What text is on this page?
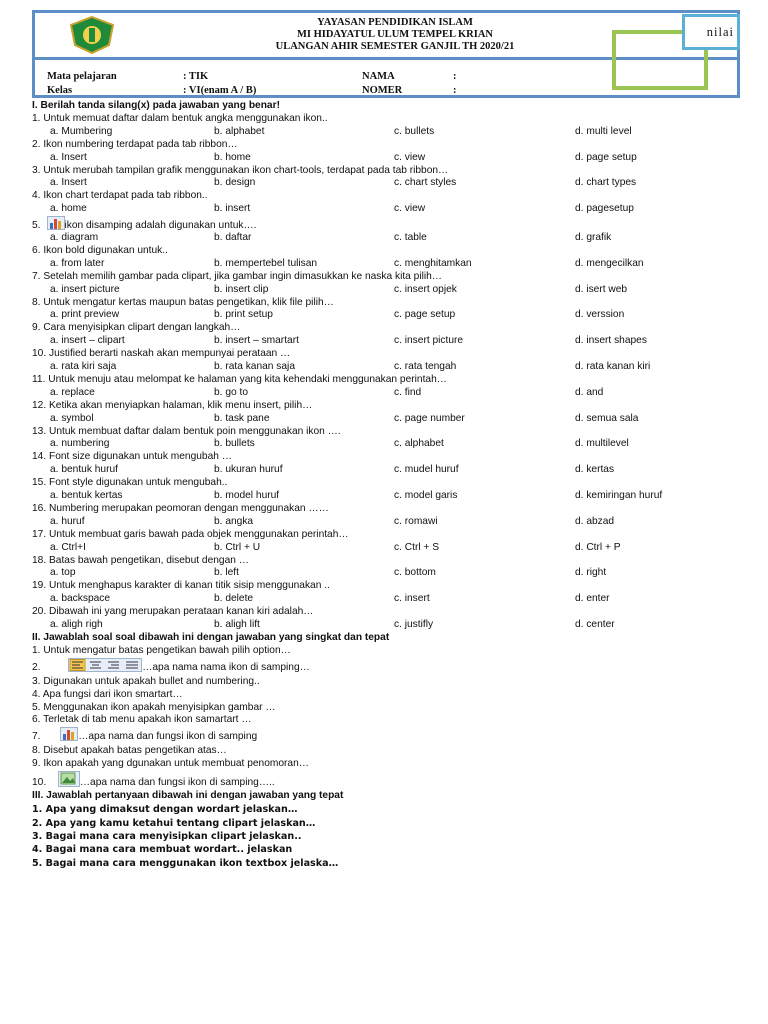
YAYASAN PENDIDIKAN ISLAM
MI HIDAYATUL ULUM TEMPEL KRIAN
ULANGAN AHIR SEMESTER GANJIL TH 2020/21
Mata pelajaran	: TIK	NAMA	:
Kelas	: VI(enam A / B)	NOMER	:
nilai
I. Berilah tanda silang(x) pada jawaban yang benar!
1. Untuk memuat daftar dalam bentuk angka menggunakan ikon..
a. Mumbering	b. alphabet	c. bullets	d. multi level
2. Ikon numbering terdapat pada tab ribbon…
a. Insert	b. home	c. view	d. page setup
3. Untuk merubah tampilan grafik menggunakan ikon chart-tools, terdapat pada tab ribbon…
a. Insert	b. design	c. chart styles	d. chart types
4. Ikon chart terdapat pada tab ribbon..
a. home	b. insert	c. view	d. pagesetup
5. ikon disamping adalah digunakan untuk….
a. diagram	b. daftar	c. table	d. grafik
6. Ikon bold digunakan untuk..
a. from later	b. mempertebel tulisan	c. menghitamkan	d. mengecilkan
7. Setelah memilih gambar pada clipart, jika gambar ingin dimasukkan ke naska kita pilih…
a. insert picture	b. insert clip	c. insert opjek	d. isert web
8. Untuk mengatur kertas maupun batas pengetikan, klik file pilih…
a. print preview	b. print setup	c. page setup	d. verssion
9. Cara menyisipkan clipart dengan langkah…
a. insert – clipart	b. insert – smartart	c. insert picture	d. insert shapes
10. Justified berarti naskah akan mempunyai perataan …
a. rata kiri saja	b. rata kanan saja	c. rata tengah	d. rata kanan kiri
11. Untuk menuju atau melompat ke halaman yang kita kehendaki menggunakan perintah…
a. replace	b. go to	c. find	d. and
12. Ketika akan menyiapkan halaman, klik menu insert, pilih…
a. symbol	b. task pane	c. page number	d. semua sala
13. Untuk membuat daftar dalam bentuk poin menggunakan ikon ….
a. numbering	b. bullets	c. alphabet	d. multilevel
14. Font size digunakan untuk mengubah …
a. bentuk huruf	b. ukuran huruf	c. mudel huruf	d. kertas
15. Font style digunakan untuk mengubah..
a. bentuk kertas	b. model huruf	c. model garis	d. kemiringan huruf
16. Numbering merupakan peomoran dengan menggunakan ……
a. huruf	b. angka	c. romawi	d. abzad
17. Untuk membuat garis bawah pada objek menggunakan perintah…
a. Ctrl+I	b. Ctrl + U	c. Ctrl + S	d. Ctrl + P
18. Batas bawah pengetikan, disebut dengan …
a. top	b. left	c. bottom	d. right
19. Untuk menghapus karakter di kanan titik sisip menggunakan ..
a. backspace	b. delete	c. insert	d. enter
20. Dibawah ini yang merupakan perataan kanan kiri adalah…
a. aligh righ	b. aligh lift	c. justifly	d. center
II. Jawablah soal soal dibawah ini dengan jawaban yang singkat dan tepat
1. Untuk mengatur batas pengetikan bawah pilih option…
2.	…apa nama nama ikon di samping…
3. Digunakan untuk apakah bullet and numbering..
4. Apa fungsi dari ikon smartart…
5. Menggunakan ikon apakah menyisipkan gambar …
6. Terletak di tab menu apakah ikon samartart …
7.	…apa nama dan fungsi ikon di samping
8. Disebut apakah batas pengetikan atas…
9. Ikon apakah yang dgunakan untuk membuat penomoran…
10.	…apa nama dan fungsi ikon di samping…..
III. Jawablah pertanyaan dibawah ini dengan jawaban yang tepat
1. Apa yang dimaksut dengan wordart jelaskan…
2. Apa yang kamu ketahui tentang clipart jelaskan…
3. Bagai mana cara menyisipkan clipart jelaskan..
4. Bagai mana cara membuat wordart.. jelaskan
5. Bagai mana cara menggunakan ikon textbox jelaska…
